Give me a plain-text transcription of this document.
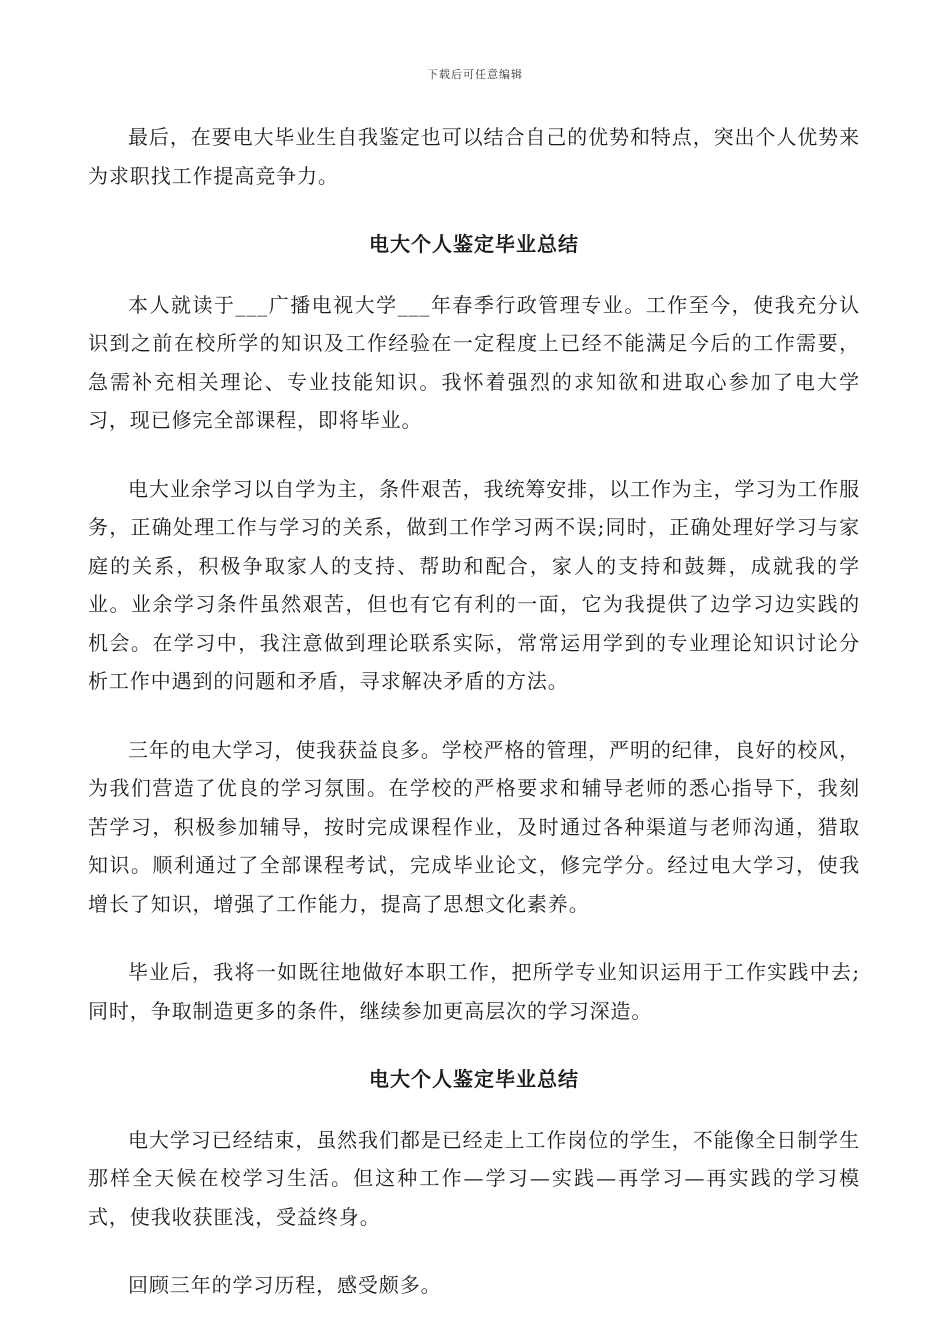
下载后可任意编辑

最后，在要电大毕业生自我鉴定也可以结合自己的优势和特点，突出个人优势来为求职找工作提高竞争力。

电大个人鉴定毕业总结

本人就读于___广播电视大学___年春季行政管理专业。工作至今，使我充分认识到之前在校所学的知识及工作经验在一定程度上已经不能满足今后的工作需要，急需补充相关理论、专业技能知识。我怀着强烈的求知欲和进取心参加了电大学习，现已修完全部课程，即将毕业。

电大业余学习以自学为主，条件艰苦，我统筹安排，以工作为主，学习为工作服务，正确处理工作与学习的关系，做到工作学习两不误;同时，正确处理好学习与家庭的关系，积极争取家人的支持、帮助和配合，家人的支持和鼓舞，成就我的学业。业余学习条件虽然艰苦，但也有它有利的一面，它为我提供了边学习边实践的机会。在学习中，我注意做到理论联系实际，常常运用学到的专业理论知识讨论分析工作中遇到的问题和矛盾，寻求解决矛盾的方法。

三年的电大学习，使我获益良多。学校严格的管理，严明的纪律，良好的校风，为我们营造了优良的学习氛围。在学校的严格要求和辅导老师的悉心指导下，我刻苦学习，积极参加辅导，按时完成课程作业，及时通过各种渠道与老师沟通，猎取知识。顺利通过了全部课程考试，完成毕业论文，修完学分。经过电大学习，使我增长了知识，增强了工作能力，提高了思想文化素养。

毕业后，我将一如既往地做好本职工作，把所学专业知识运用于工作实践中去;同时，争取制造更多的条件，继续参加更高层次的学习深造。

电大个人鉴定毕业总结

电大学习已经结束，虽然我们都是已经走上工作岗位的学生，不能像全日制学生那样全天候在校学习生活。但这种工作—学习—实践—再学习—再实践的学习模式，使我收获匪浅，受益终身。

回顾三年的学习历程，感受颇多。
